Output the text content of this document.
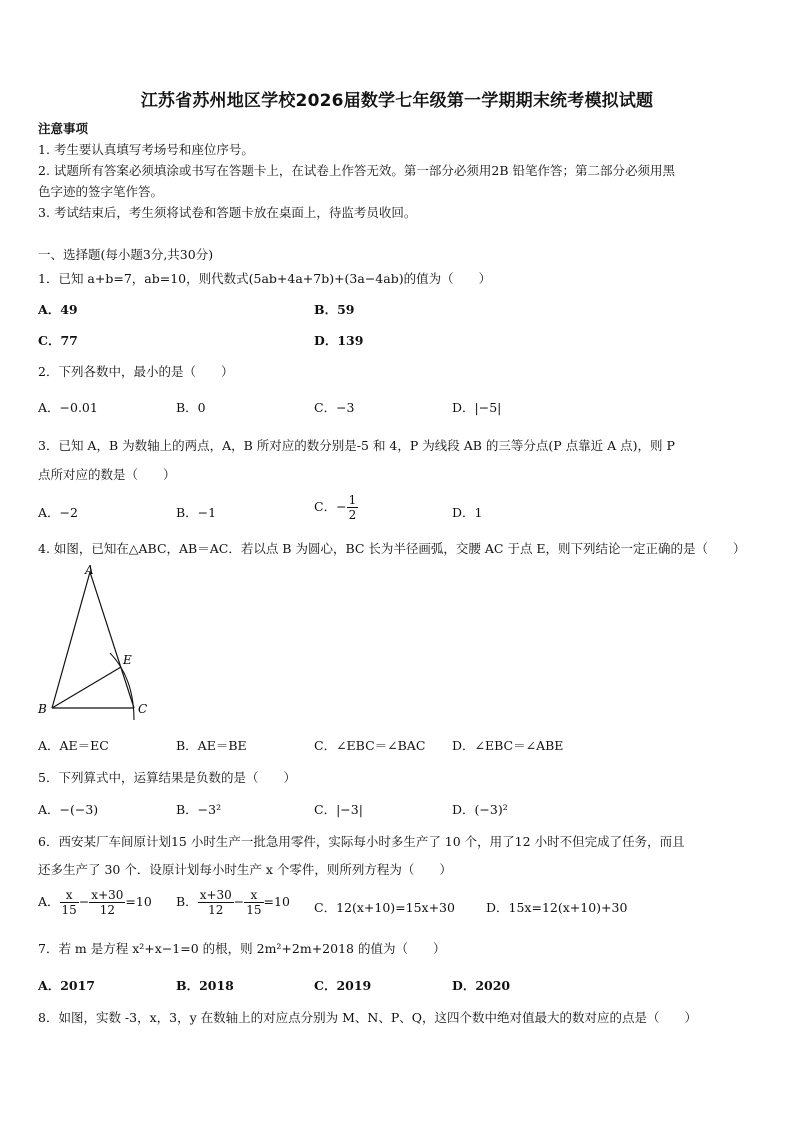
江苏省苏州地区学校2026届数学七年级第一学期期末统考模拟试题
注意事项
1. 考生要认真填写考场号和座位序号。
2. 试题所有答案必须填涂或书写在答题卡上，在试卷上作答无效。第一部分必须用2B 铅笔作答；第二部分必须用黑
色字迹的签字笔作答。
3. 考试结束后，考生须将试卷和答题卡放在桌面上，待监考员收回。
一、选择题(每小题3分,共30分)
1．已知 a+b=7，ab=10，则代数式(5ab+4a+7b)+(3a−4ab)的值为（　　）
A．49	B．59
C．77	D．139
2．下列各数中，最小的是（　　）
A．−0.01	B．0	C．−3	D．|−5|
3．已知 A，B 为数轴上的两点，A，B 所对应的数分别是-5 和 4，P 为线段 AB 的三等分点(P 点靠近 A 点)，则 P
点所对应的数是（　　）
A．−2	B．−1	C．− $\frac{1}{2}$	D．1
4. 如图，已知在△ABC，AB＝AC．若以点 B 为圆心，BC 长为半径画弧，交腰 AC 于点 E，则下列结论一定正确的是（　　）
A
E
B	C
A．AE＝EC	B．AE＝BE	C．∠EBC＝∠BAC D．∠EBC＝∠ABE
5．下列算式中，运算结果是负数的是（　　）
A．−(−3)	B．−3²	C．|−3|	D．(−3)²
6．西安某厂车间原计划15 小时生产一批急用零件，实际每小时多生产了 10 个，用了12 小时不但完成了任务，而且
还多生产了 30 个．设原计划每小时生产 x 个零件，则所列方程为（　　）
A． $\frac{x}{15} - \frac{x+30}{12} =10$ B． $\frac{x+30}{12} - \frac{x}{15} =10$ C．12(x+10)=15x+30 D．15x=12(x+10)+30
7．若 m 是方程 x²+x−1=0 的根，则 2m²+2m+2018 的值为（　　）
A．2017	B．2018	C．2019	D．2020
8．如图，实数 -3，x，3，y 在数轴上的对应点分别为 M、N、P、Q，这四个数中绝对值最大的数对应的点是（　　）
